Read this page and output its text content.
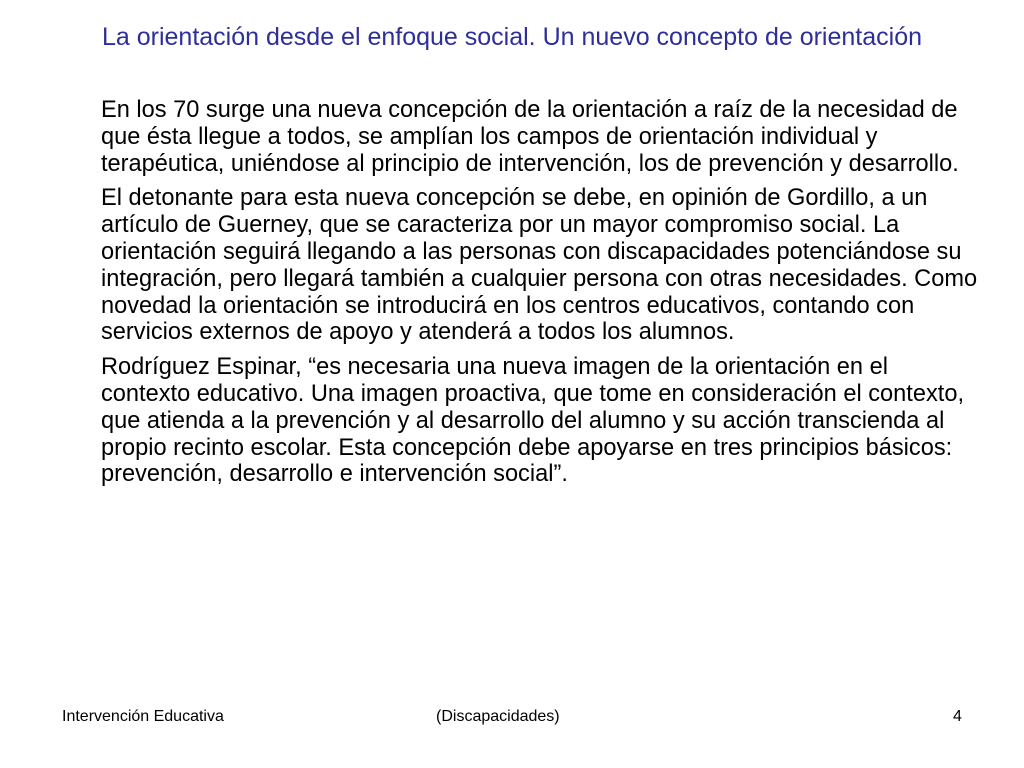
La orientación desde el enfoque social. Un nuevo concepto de orientación

En los 70 surge una nueva concepción de la orientación a raíz de la necesidad de que ésta llegue a todos, se amplían los campos de orientación individual y terapéutica, uniéndose al principio de intervención, los de prevención y desarrollo.

El detonante para esta nueva concepción se debe, en opinión de Gordillo, a un artículo de Guerney, que se caracteriza por un mayor compromiso social. La orientación seguirá llegando a las personas con discapacidades potenciándose su integración, pero llegará también a cualquier persona con otras necesidades. Como novedad la orientación se introducirá en los centros educativos, contando con servicios externos de apoyo y atenderá a todos los alumnos.

Rodríguez Espinar, “es necesaria una nueva imagen de la orientación en el contexto educativo. Una imagen proactiva, que tome en consideración el contexto, que atienda a la prevención y al desarrollo del alumno y su acción transcienda al propio recinto escolar. Esta concepción debe apoyarse en tres principios básicos: prevención, desarrollo e intervención social”.

Intervención Educativa	(Discapacidades)	4
